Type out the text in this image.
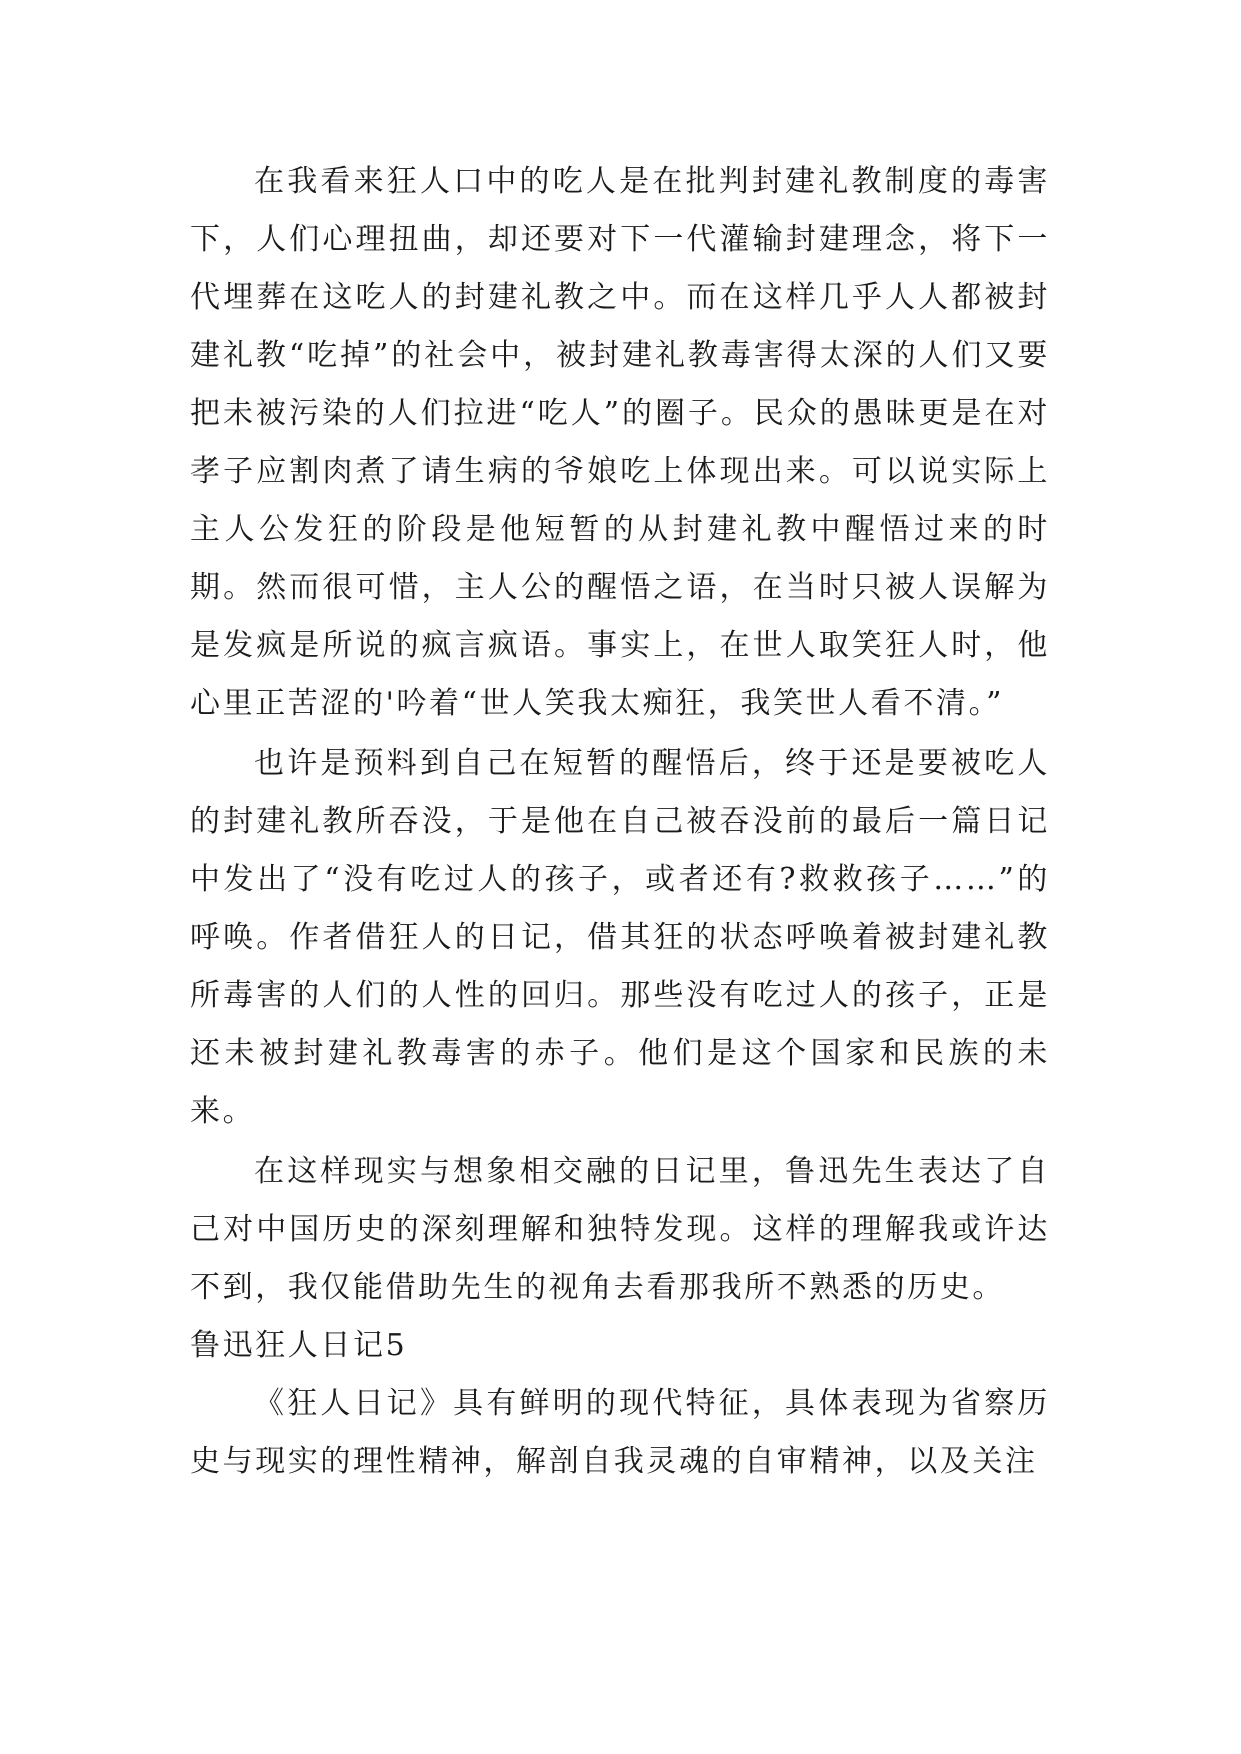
在我看来狂人口中的吃人是在批判封建礼教制度的毒害下，人们心理扭曲，却还要对下一代灌输封建理念，将下一代埋葬在这吃人的封建礼教之中。而在这样几乎人人都被封建礼教“吃掉”的社会中，被封建礼教毒害得太深的人们又要把未被污染的人们拉进“吃人”的圈子。民众的愚昧更是在对孝子应割肉煮了请生病的爷娘吃上体现出来。可以说实际上主人公发狂的阶段是他短暂的从封建礼教中醒悟过来的时期。然而很可惜，主人公的醒悟之语，在当时只被人误解为是发疯是所说的疯言疯语。事实上，在世人取笑狂人时，他心里正苦涩的'吟着“世人笑我太痴狂，我笑世人看不清。”

也许是预料到自己在短暂的醒悟后，终于还是要被吃人的封建礼教所吞没，于是他在自己被吞没前的最后一篇日记中发出了“没有吃过人的孩子，或者还有?救救孩子……”的呼唤。作者借狂人的日记，借其狂的状态呼唤着被封建礼教所毒害的人们的人性的回归。那些没有吃过人的孩子，正是还未被封建礼教毒害的赤子。他们是这个国家和民族的未来。

在这样现实与想象相交融的日记里，鲁迅先生表达了自己对中国历史的深刻理解和独特发现。这样的理解我或许达不到，我仅能借助先生的视角去看那我所不熟悉的历史。

鲁迅狂人日记5

《狂人日记》具有鲜明的现代特征，具体表现为省察历史与现实的理性精神，解剖自我灵魂的自审精神，以及关注
